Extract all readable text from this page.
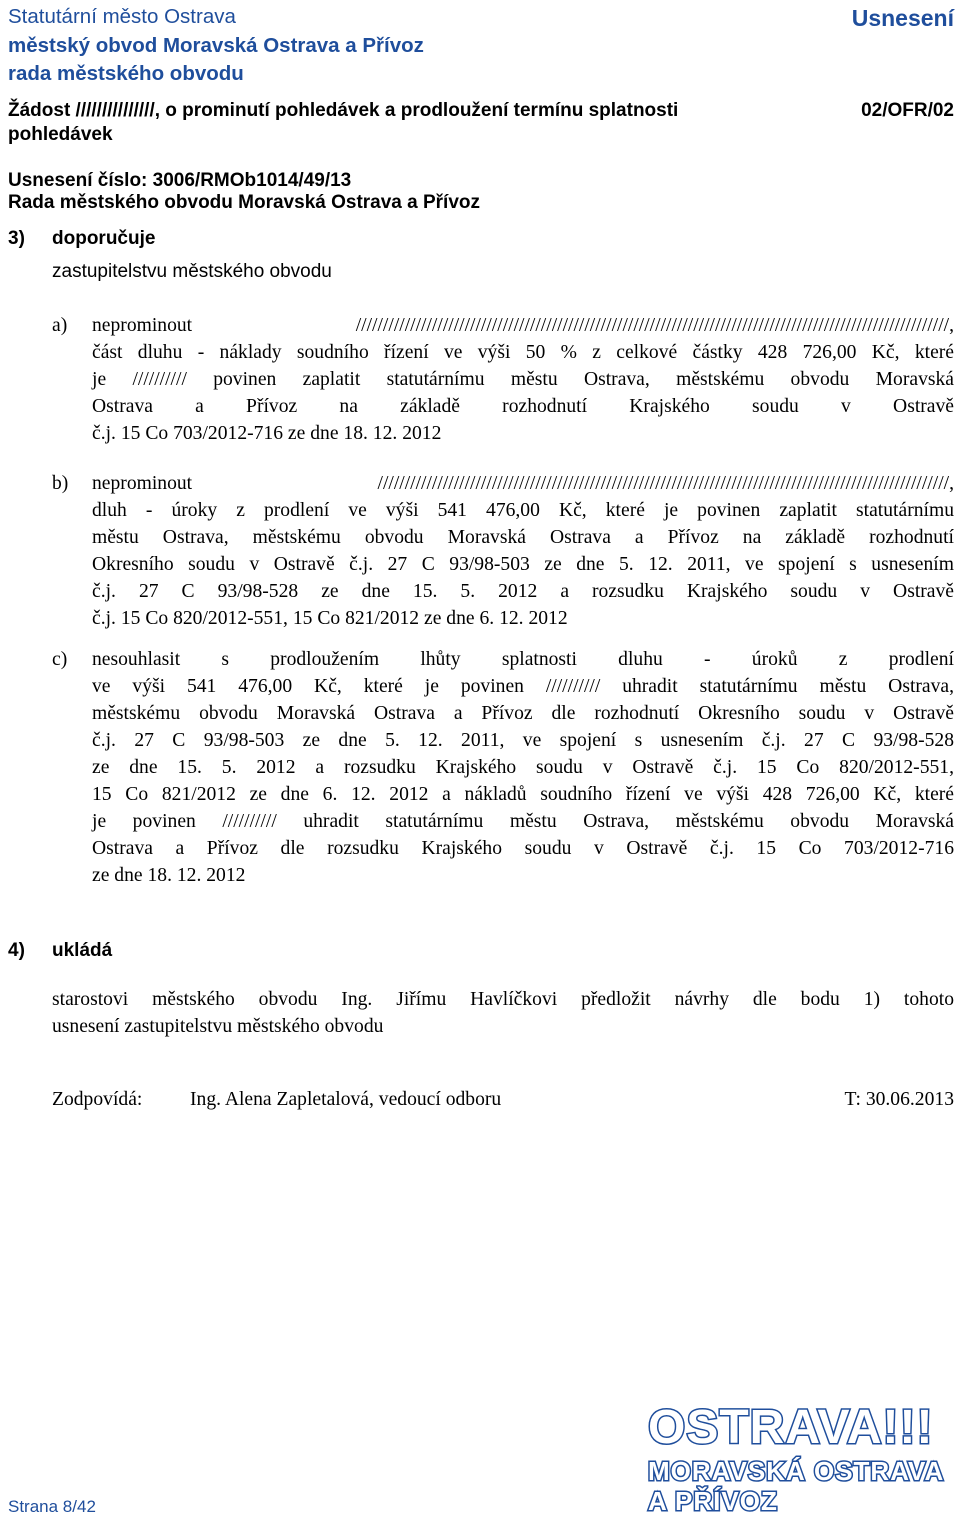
Statutární město Ostrava
městský obvod Moravská Ostrava a Přívoz
rada městského obvodu
Usnesení
Žádost ///////////////, o prominutí pohledávek a prodloužení termínu splatnosti
pohledávek
02/OFR/02
Usnesení číslo: 3006/RMOb1014/49/13
Rada městského obvodu Moravská Ostrava a Přívoz
3) doporučuje
zastupitelstvu městského obvodu
a) neprominout /////////////////////////////////////////////////////////////////////////////////////////////////////////////,
část dluhu - náklady soudního řízení ve výši 50 % z celkové částky 428 726,00 Kč, které
je ////////// povinen zaplatit statutárnímu městu Ostrava, městskému obvodu Moravská
Ostrava a Přívoz na základě rozhodnutí Krajského soudu v Ostravě
č.j. 15 Co 703/2012-716 ze dne 18. 12. 2012
b) neprominout /////////////////////////////////////////////////////////////////////////////////////////////////////////,
dluh - úroky z prodlení ve výši 541 476,00 Kč, které je povinen zaplatit statutárnímu
městu Ostrava, městskému obvodu Moravská Ostrava a Přívoz na základě rozhodnutí
Okresního soudu v Ostravě č.j. 27 C 93/98-503 ze dne 5. 12. 2011, ve spojení s usnesením
č.j. 27 C 93/98-528 ze dne 15. 5. 2012 a rozsudku Krajského soudu v Ostravě
č.j. 15 Co 820/2012-551, 15 Co 821/2012 ze dne 6. 12. 2012
c) nesouhlasit s prodloužením lhůty splatnosti dluhu - úroků z prodlení
ve výši 541 476,00 Kč, které je povinen ////////// uhradit statutárnímu městu Ostrava,
městskému obvodu Moravská Ostrava a Přívoz dle rozhodnutí Okresního soudu v Ostravě
č.j. 27 C 93/98-503 ze dne 5. 12. 2011, ve spojení s usnesením č.j. 27 C 93/98-528
ze dne 15. 5. 2012 a rozsudku Krajského soudu v Ostravě č.j. 15 Co 820/2012-551,
15 Co 821/2012 ze dne 6. 12. 2012 a nákladů soudního řízení ve výši 428 726,00 Kč, které
je povinen ////////// uhradit statutárnímu městu Ostrava, městskému obvodu Moravská
Ostrava a Přívoz dle rozsudku Krajského soudu v Ostravě č.j. 15 Co 703/2012-716
ze dne 18. 12. 2012
4) ukládá
starostovi městského obvodu Ing. Jiřímu Havlíčkovi předložit návrhy dle bodu 1) tohoto
usnesení zastupitelstvu městského obvodu
Zodpovídá: Ing. Alena Zapletalová, vedoucí odboru	T: 30.06.2013
Strana 8/42
OSTRAVA!!!
MORAVSKÁ OSTRAVA
A PŘÍVOZ
